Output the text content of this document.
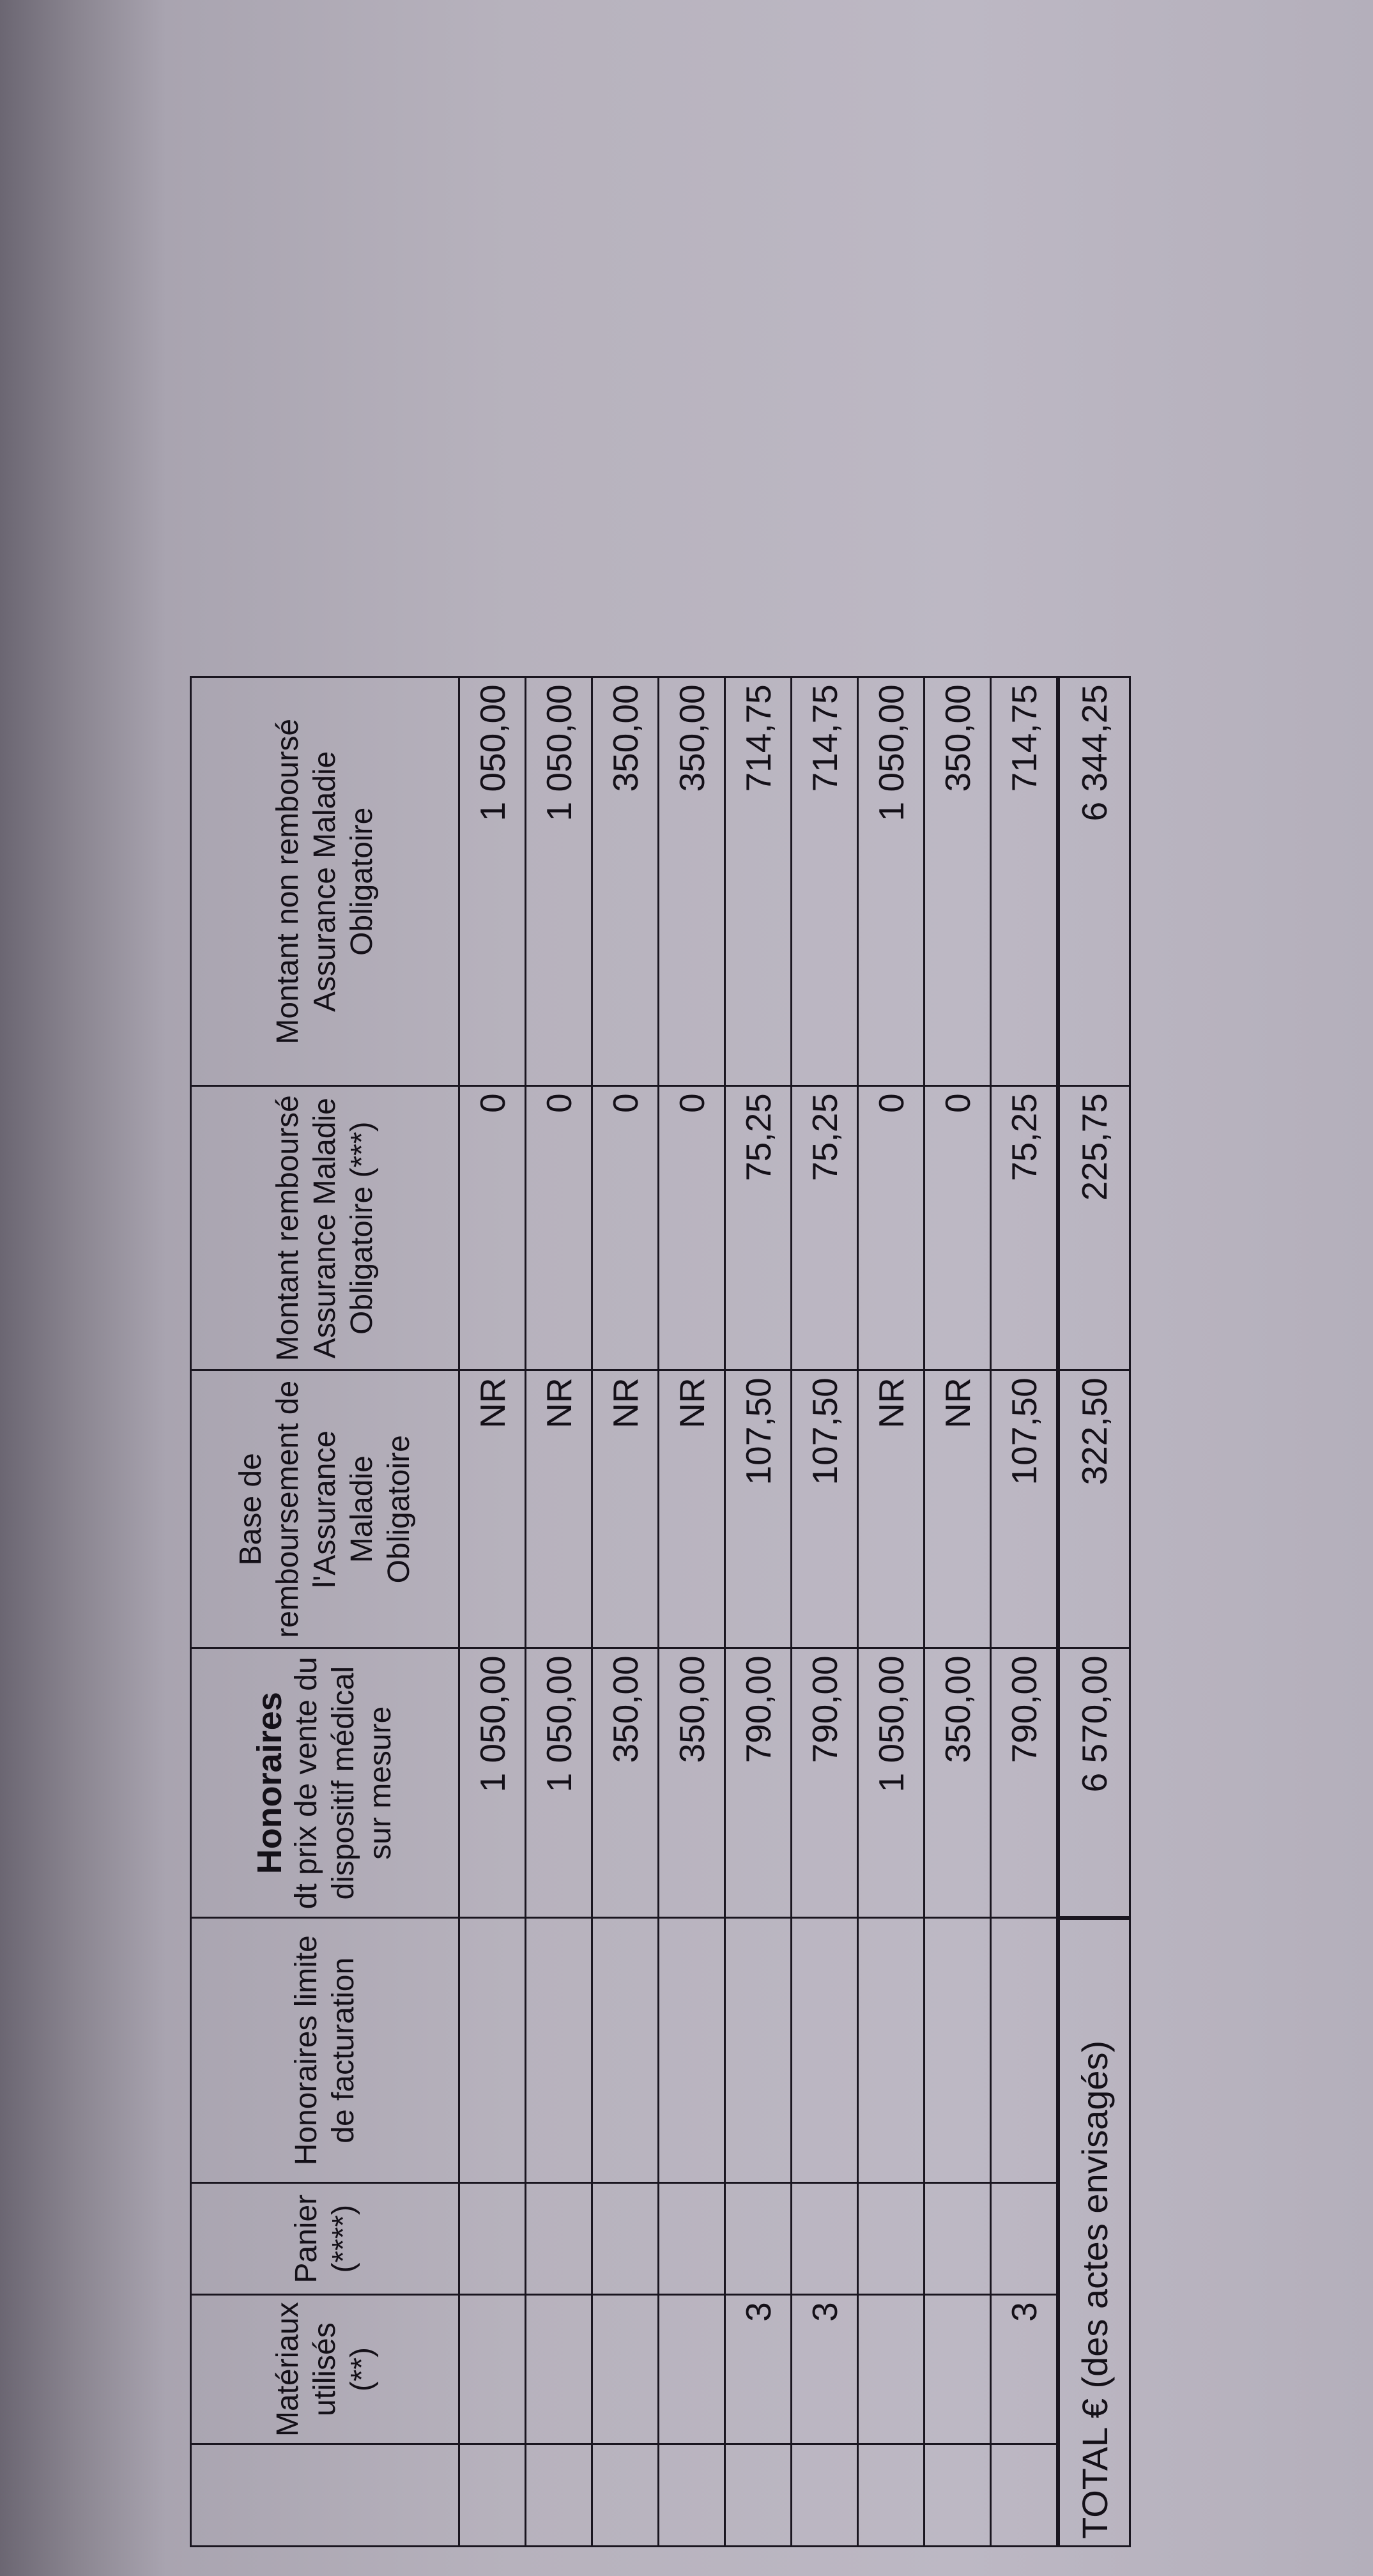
	Matériaux utilisés (**)	Panier (****)	Honoraires limite de facturation	Honoraires dt prix de vente du dispositif médical sur mesure	Base de remboursement de l'Assurance Maladie Obligatoire	Montant remboursé Assurance Maladie Obligatoire (***)	Montant non remboursé Assurance Maladie Obligatoire
				1 050,00	NR	0	1 050,00
				1 050,00	NR	0	1 050,00
				350,00	NR	0	350,00
				350,00	NR	0	350,00
	3			790,00	107,50	75,25	714,75
	3			790,00	107,50	75,25	714,75
				1 050,00	NR	0	1 050,00
				350,00	NR	0	350,00
	3			790,00	107,50	75,25	714,75
TOTAL € (des actes envisagés)				6 570,00	322,50	225,75	6 344,25
